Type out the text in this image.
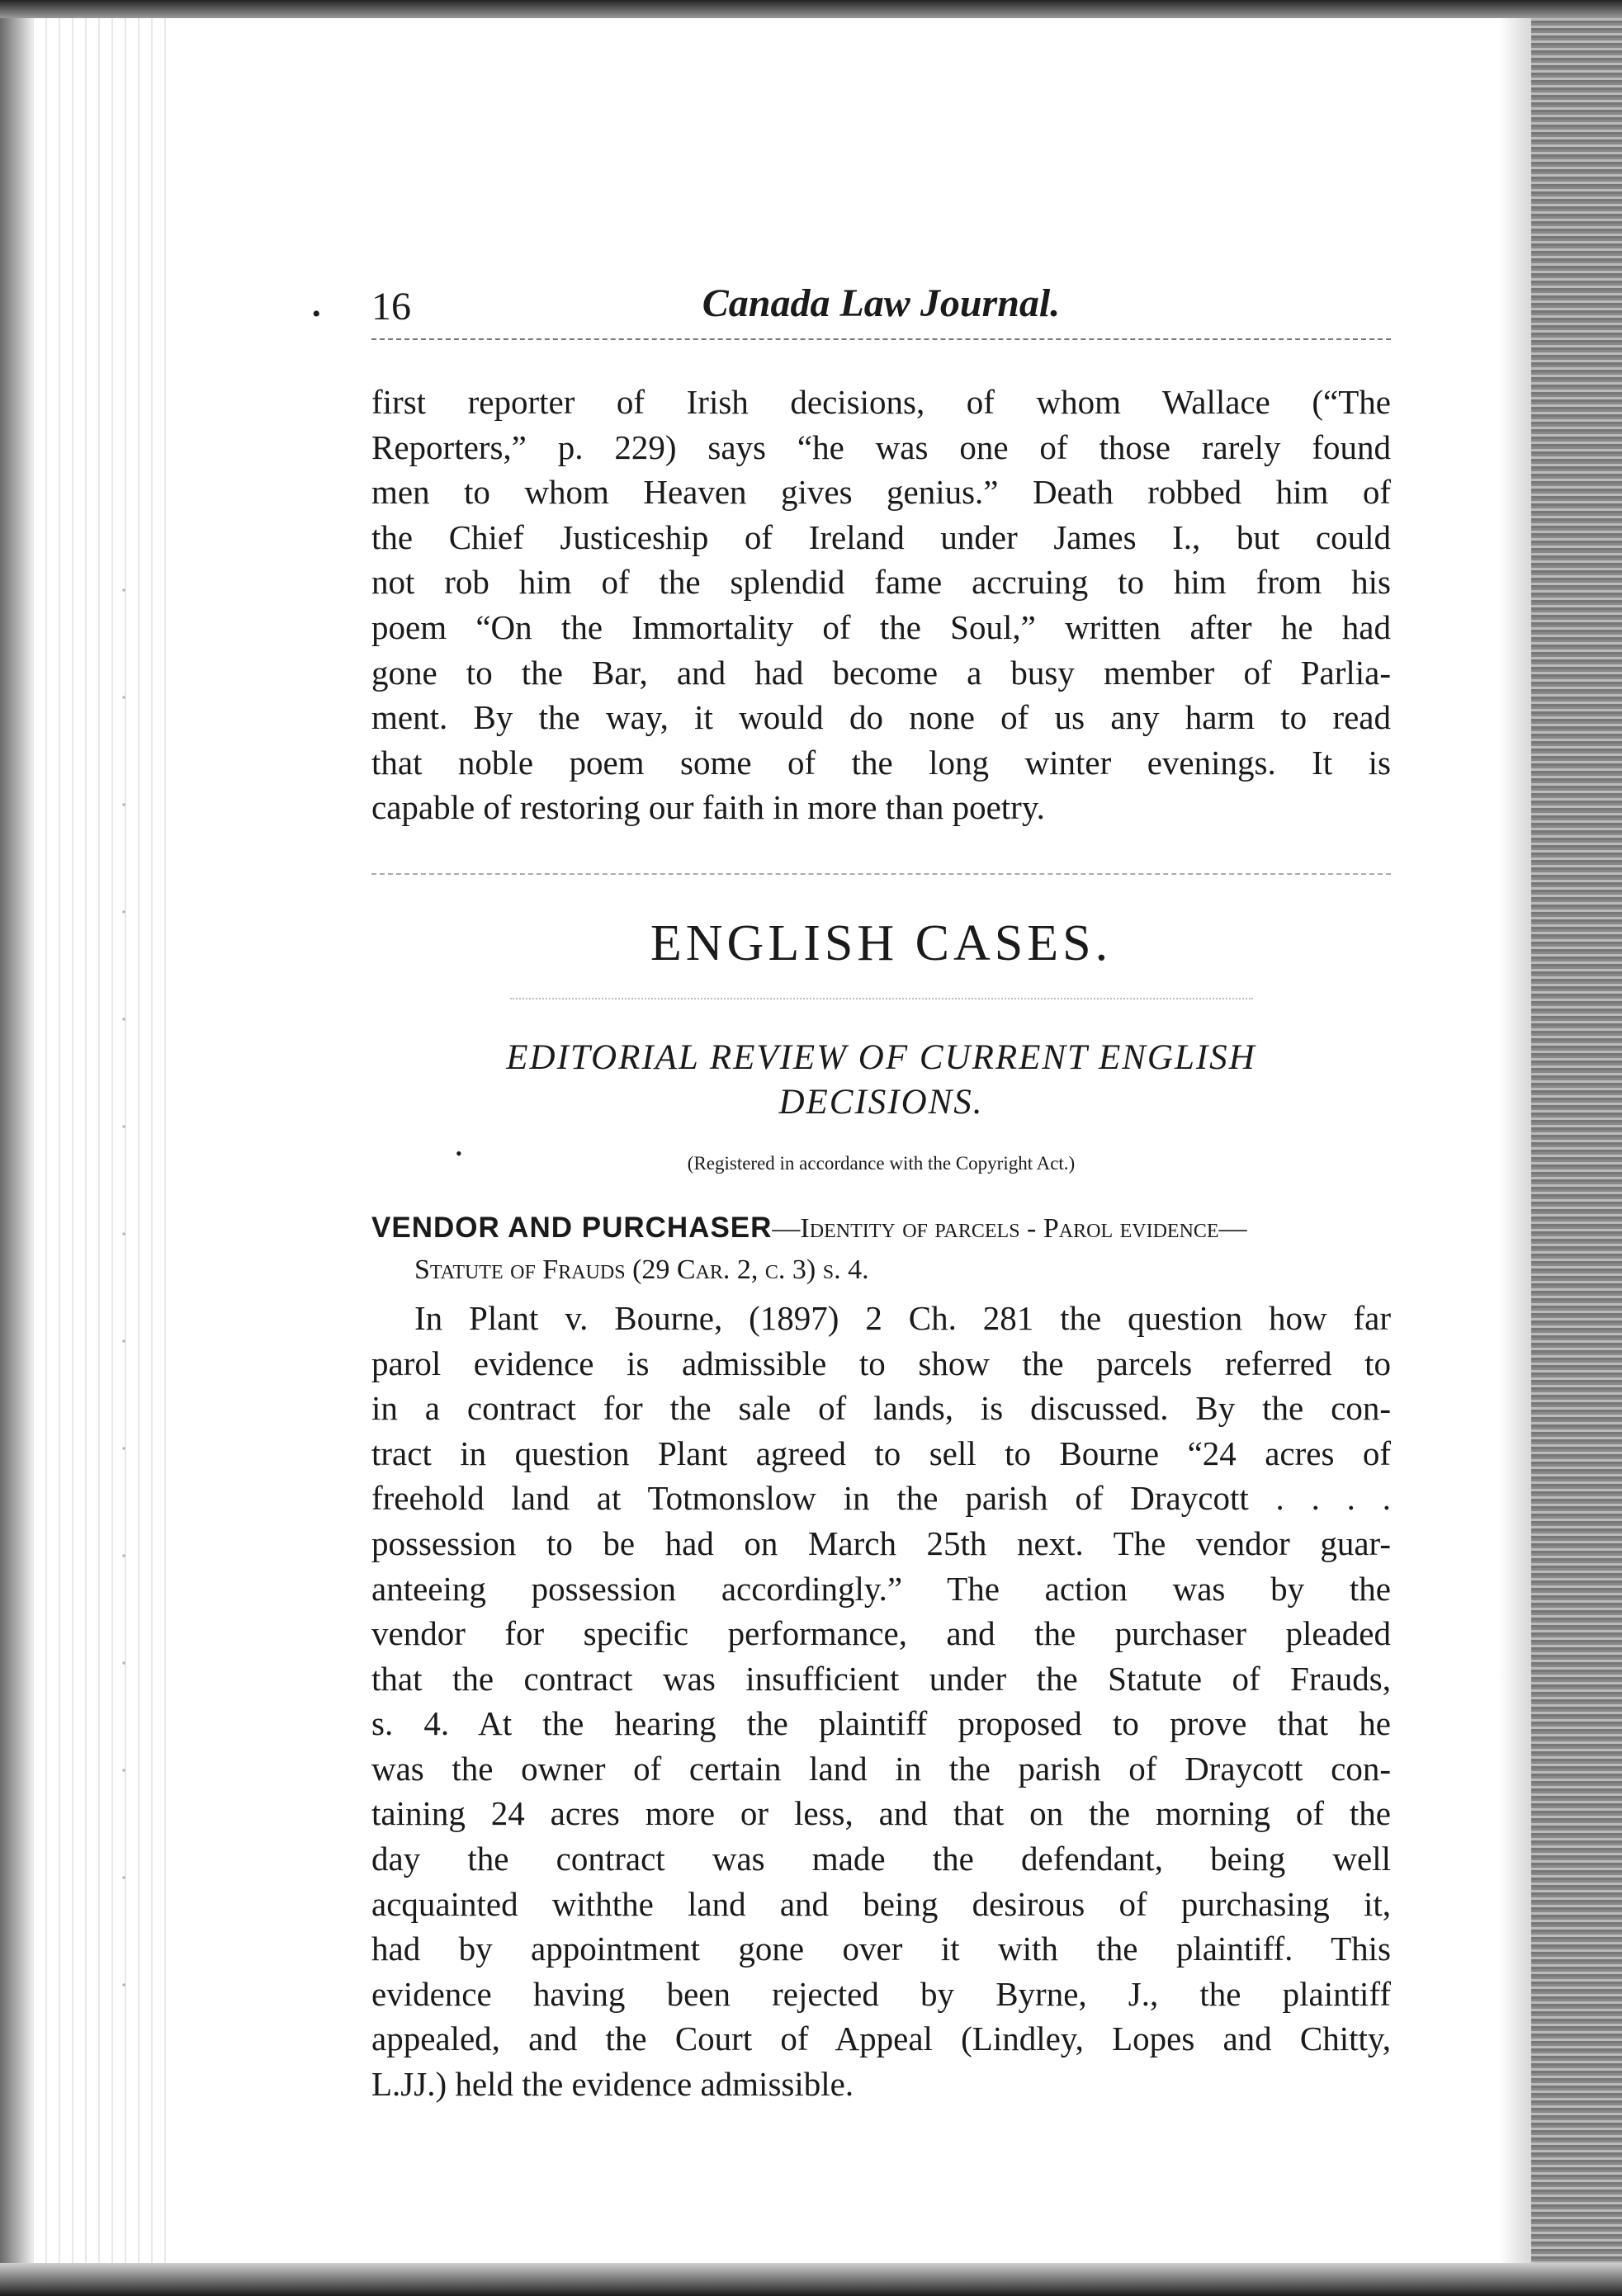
• 16	Canada Law Journal.
first reporter of Irish decisions, of whom Wallace (“The
Reporters,” p. 229) says “he was one of those rarely found
men to whom Heaven gives genius.” Death robbed him of
the Chief Justiceship of Ireland under James I., but could
not rob him of the splendid fame accruing to him from his
poem “On the Immortality of the Soul,” written after he had
gone to the Bar, and had become a busy member of Parlia-
ment. By the way, it would do none of us any harm to read
that noble poem some of the long winter evenings. It is
capable of restoring our faith in more than poetry.
ENGLISH CASES.
EDITORIAL REVIEW OF CURRENT ENGLISH
DECISIONS.
(Registered in accordance with the Copyright Act.)
•
VENDOR AND PURCHASER—Identity of parcels - Parol evidence—
Statute of Frauds (29 Car. 2, c. 3) s. 4.
In Plant v. Bourne, (1897) 2 Ch. 281 the question how far
parol evidence is admissible to show the parcels referred to
in a contract for the sale of lands, is discussed. By the con-
tract in question Plant agreed to sell to Bourne “24 acres of
freehold land at Totmonslow in the parish of Draycott . . . .
possession to be had on March 25th next. The vendor guar-
anteeing possession accordingly.” The action was by the
vendor for specific performance, and the purchaser pleaded
that the contract was insufficient under the Statute of Frauds,
s. 4. At the hearing the plaintiff proposed to prove that he
was the owner of certain land in the parish of Draycott con-
taining 24 acres more or less, and that on the morning of the
day the contract was made the defendant, being well
acquainted withthe land and being desirous of purchasing it,
had by appointment gone over it with the plaintiff. This
evidence having been rejected by Byrne, J., the plaintiff
appealed, and the Court of Appeal (Lindley, Lopes and Chitty,
L.JJ.) held the evidence admissible.
